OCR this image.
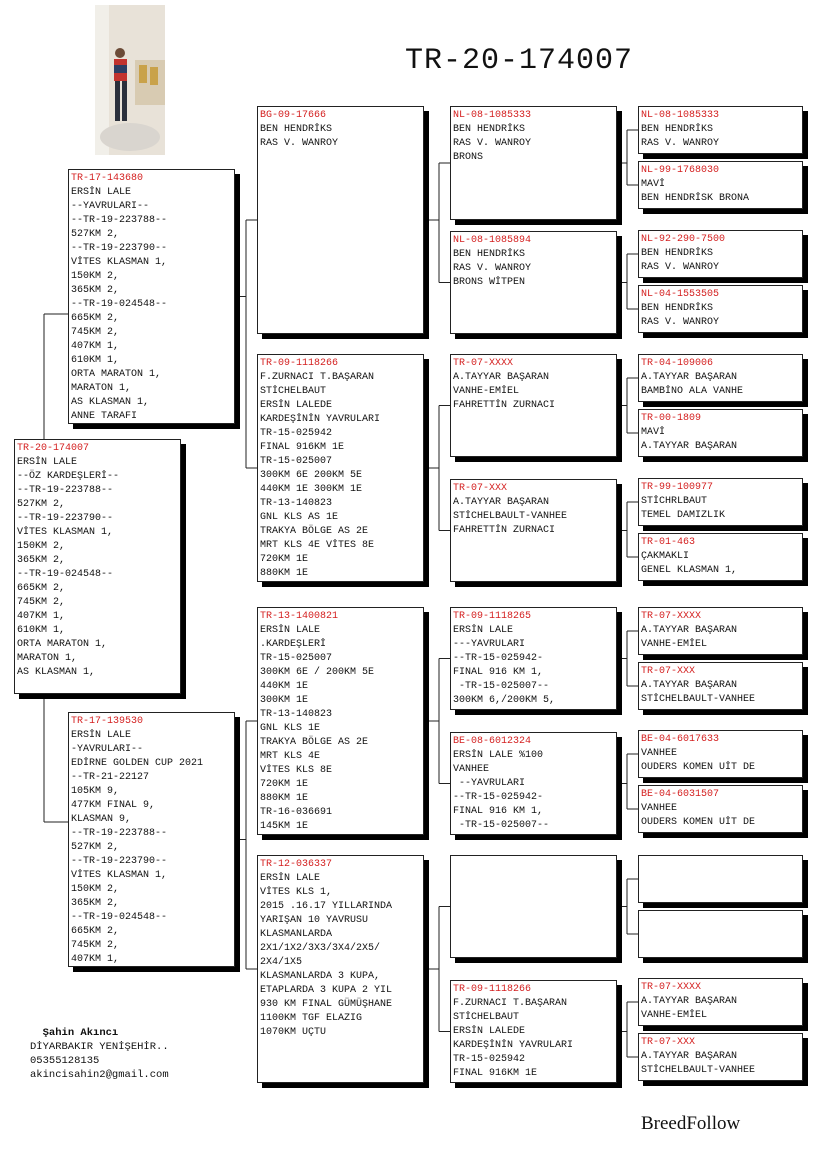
TR-20-174007
TR-20-174007
ERSİN LALE
--ÖZ KARDEŞLERİ--
--TR-19-223788--
527KM 2,
--TR-19-223790--
VİTES KLASMAN 1,
150KM 2,
365KM 2,
--TR-19-024548--
665KM 2,
745KM 2,
407KM 1,
610KM 1,
ORTA MARATON 1,
MARATON 1,
AS KLASMAN 1,
TR-17-143680
ERSİN LALE
--YAVRULARI--
--TR-19-223788--
527KM 2,
--TR-19-223790--
VİTES KLASMAN 1,
150KM 2,
365KM 2,
--TR-19-024548--
665KM 2,
745KM 2,
407KM 1,
610KM 1,
ORTA MARATON 1,
MARATON 1,
AS KLASMAN 1,
ANNE TARAFI
TR-17-139530
ERSİN LALE
-YAVRULARI--
EDİRNE GOLDEN CUP 2021
--TR-21-22127
105KM 9,
477KM FINAL 9,
KLASMAN 9,
--TR-19-223788--
527KM 2,
--TR-19-223790--
VİTES KLASMAN 1,
150KM 2,
365KM 2,
--TR-19-024548--
665KM 2,
745KM 2,
407KM 1,
BG-09-17666
BEN HENDRİKS
RAS V. WANROY
TR-09-1118266
F.ZURNACI T.BAŞARAN
STİCHELBAUT
ERSİN LALEDE
KARDEŞİNİN YAVRULARI
TR-15-025942
FINAL 916KM 1E
TR-15-025007
300KM 6E 200KM 5E
440KM 1E 300KM 1E
TR-13-140823
GNL KLS AS 1E
TRAKYA BÖLGE AS 2E
MRT KLS 4E VİTES 8E
720KM 1E
880KM 1E
TR-13-1400821
ERSİN LALE
.KARDEŞLERİ
TR-15-025007
300KM 6E / 200KM 5E
440KM 1E
300KM 1E
TR-13-140823
GNL KLS 1E
TRAKYA BÖLGE AS 2E
MRT KLS 4E
VİTES KLS 8E
720KM 1E
880KM 1E
TR-16-036691
145KM 1E
TR-12-036337
ERSİN LALE
VİTES KLS 1,
2015 .16.17 YILLARINDA
YARIŞAN 10 YAVRUSU
KLASMANLARDA
2X1/1X2/3X3/3X4/2X5/
2X4/1X5
KLASMANLARDA 3 KUPA,
ETAPLARDA 3 KUPA 2 YIL
930 KM FINAL GÜMÜŞHANE
1100KM TGF ELAZIG
1070KM UÇTU
NL-08-1085333
BEN HENDRİKS
RAS V. WANROY
BRONS
NL-08-1085894
BEN HENDRİKS
RAS V. WANROY
BRONS WİTPEN
TR-07-XXXX
A.TAYYAR BAŞARAN
VANHE-EMİEL
FAHRETTİN ZURNACI
TR-07-XXX
A.TAYYAR BAŞARAN
STİCHELBAULT-VANHEE
FAHRETTİN ZURNACI
TR-09-1118265
ERSİN LALE
---YAVRULARI
--TR-15-025942-
FINAL 916 KM 1,
-TR-15-025007--
300KM 6,/200KM 5,
BE-08-6012324
ERSİN LALE %100
VANHEE
--YAVRULARI
--TR-15-025942-
FINAL 916 KM 1,
-TR-15-025007--
TR-09-1118266
F.ZURNACI T.BAŞARAN
STİCHELBAUT
ERSİN LALEDE
KARDEŞİNİN YAVRULARI
TR-15-025942
FINAL 916KM 1E
NL-08-1085333
BEN HENDRİKS
RAS V. WANROY
NL-99-1768030
MAVİ
BEN HENDRİSK BRONA
NL-92-290-7500
BEN HENDRİKS
RAS V. WANROY
NL-04-1553505
BEN HENDRİKS
RAS V. WANROY
TR-04-109006
A.TAYYAR BAŞARAN
BAMBİNO ALA VANHE
TR-00-1809
MAVİ
A.TAYYAR BAŞARAN
TR-99-100977
STİCHRLBAUT
TEMEL DAMIZLIK
TR-01-463
ÇAKMAKLI
GENEL KLASMAN 1,
TR-07-XXXX
A.TAYYAR BAŞARAN
VANHE-EMİEL
TR-07-XXX
A.TAYYAR BAŞARAN
STİCHELBAULT-VANHEE
BE-04-6017633
VANHEE
OUDERS KOMEN UİT DE
BE-04-6031507
VANHEE
OUDERS KOMEN UİT DE
TR-07-XXXX
A.TAYYAR BAŞARAN
VANHE-EMİEL
TR-07-XXX
A.TAYYAR BAŞARAN
STİCHELBAULT-VANHEE

Şahin Akıncı
DİYARBAKIR YENİŞEHİR..
05355128135
akincisahin2@gmail.com

BreedFollow
